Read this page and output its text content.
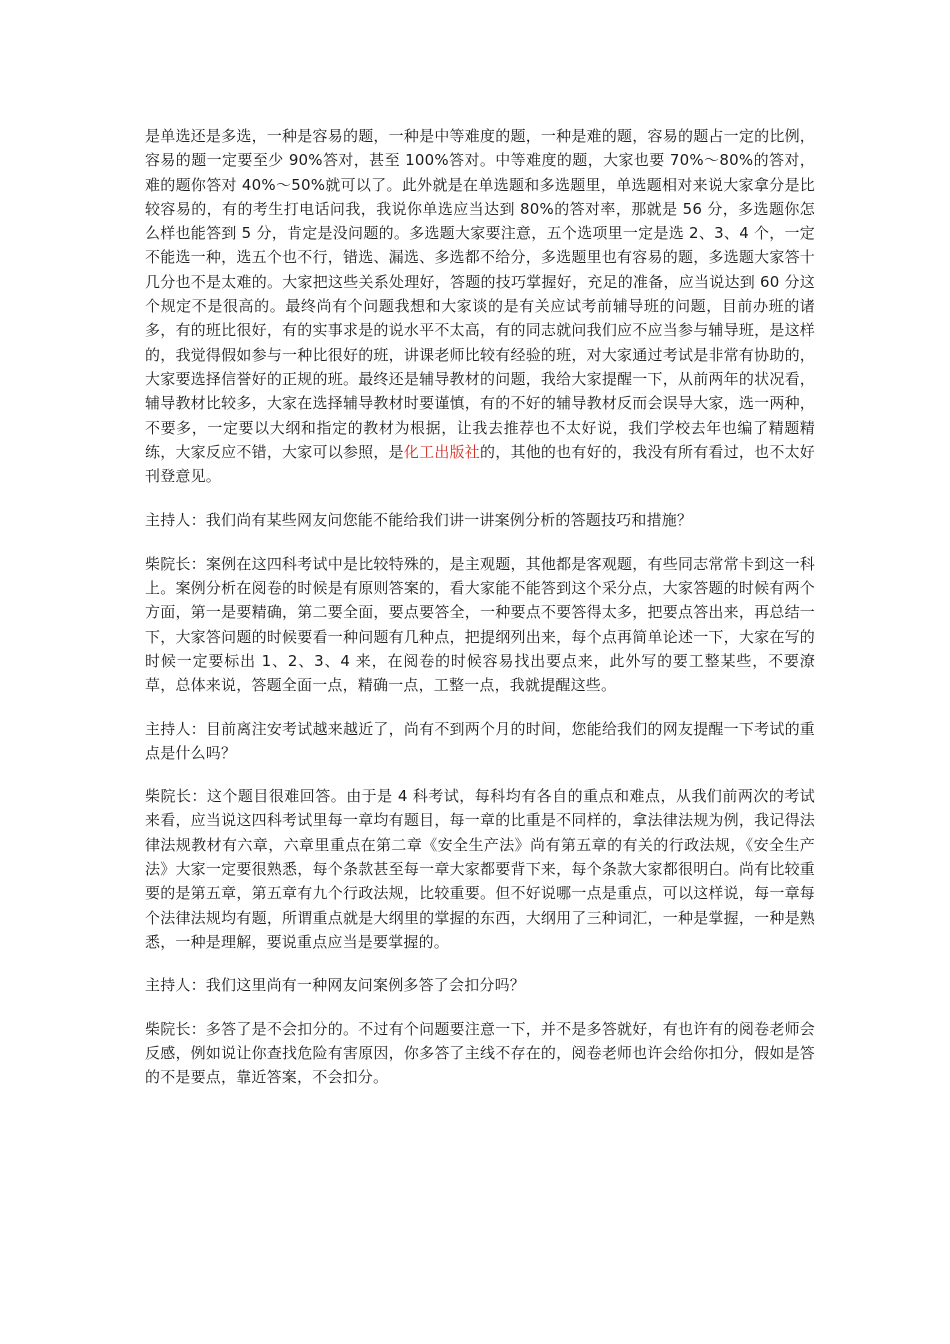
是单选还是多选，一种是容易的题，一种是中等难度的题，一种是难的题，容易的题占一定的比例，容易的题一定要至少 90%答对，甚至 100%答对。中等难度的题，大家也要 70%～80%的答对，难的题你答对 40%～50%就可以了。此外就是在单选题和多选题里，单选题相对来说大家拿分是比较容易的，有的考生打电话问我，我说你单选应当达到 80%的答对率，那就是 56 分，多选题你怎么样也能答到 5 分，肯定是没问题的。多选题大家要注意，五个选项里一定是选 2、3、4 个，一定不能选一种，选五个也不行，错选、漏选、多选都不给分，多选题里也有容易的题，多选题大家答十几分也不是太难的。大家把这些关系处理好，答题的技巧掌握好，充足的准备，应当说达到 60 分这个规定不是很高的。最终尚有个问题我想和大家谈的是有关应试考前辅导班的问题，目前办班的诸多，有的班比很好，有的实事求是的说水平不太高，有的同志就问我们应不应当参与辅导班，是这样的，我觉得假如参与一种比很好的班，讲课老师比较有经验的班，对大家通过考试是非常有协助的，大家要选择信誉好的正规的班。最终还是辅导教材的问题，我给大家提醒一下，从前两年的状况看，辅导教材比较多，大家在选择辅导教材时要谨慎，有的不好的辅导教材反而会误导大家，选一两种，不要多，一定要以大纲和指定的教材为根据，让我去推荐也不太好说，我们学校去年也编了精题精练，大家反应不错，大家可以参照，是化工出版社的，其他的也有好的，我没有所有看过，也不太好刊登意见。

主持人：我们尚有某些网友问您能不能给我们讲一讲案例分析的答题技巧和措施？

柴院长：案例在这四科考试中是比较特殊的，是主观题，其他都是客观题，有些同志常常卡到这一科上。案例分析在阅卷的时候是有原则答案的，看大家能不能答到这个采分点，大家答题的时候有两个方面，第一是要精确，第二要全面，要点要答全，一种要点不要答得太多，把要点答出来，再总结一下，大家答问题的时候要看一种问题有几种点，把提纲列出来，每个点再简单论述一下，大家在写的时候一定要标出 1、2、3、4 来，在阅卷的时候容易找出要点来，此外写的要工整某些，不要潦草，总体来说，答题全面一点，精确一点，工整一点，我就提醒这些。

主持人：目前离注安考试越来越近了，尚有不到两个月的时间，您能给我们的网友提醒一下考试的重点是什么吗？

柴院长：这个题目很难回答。由于是 4 科考试，每科均有各自的重点和难点，从我们前两次的考试来看，应当说这四科考试里每一章均有题目，每一章的比重是不同样的，拿法律法规为例，我记得法律法规教材有六章，六章里重点在第二章《安全生产法》尚有第五章的有关的行政法规，《安全生产法》大家一定要很熟悉，每个条款甚至每一章大家都要背下来，每个条款大家都很明白。尚有比较重要的是第五章，第五章有九个行政法规，比较重要。但不好说哪一点是重点，可以这样说，每一章每个法律法规均有题，所谓重点就是大纲里的掌握的东西，大纲用了三种词汇，一种是掌握，一种是熟悉，一种是理解，要说重点应当是要掌握的。

主持人：我们这里尚有一种网友问案例多答了会扣分吗？

柴院长：多答了是不会扣分的。不过有个问题要注意一下，并不是多答就好，有也许有的阅卷老师会反感，例如说让你查找危险有害原因，你多答了主线不存在的，阅卷老师也许会给你扣分，假如是答的不是要点，靠近答案，不会扣分。
